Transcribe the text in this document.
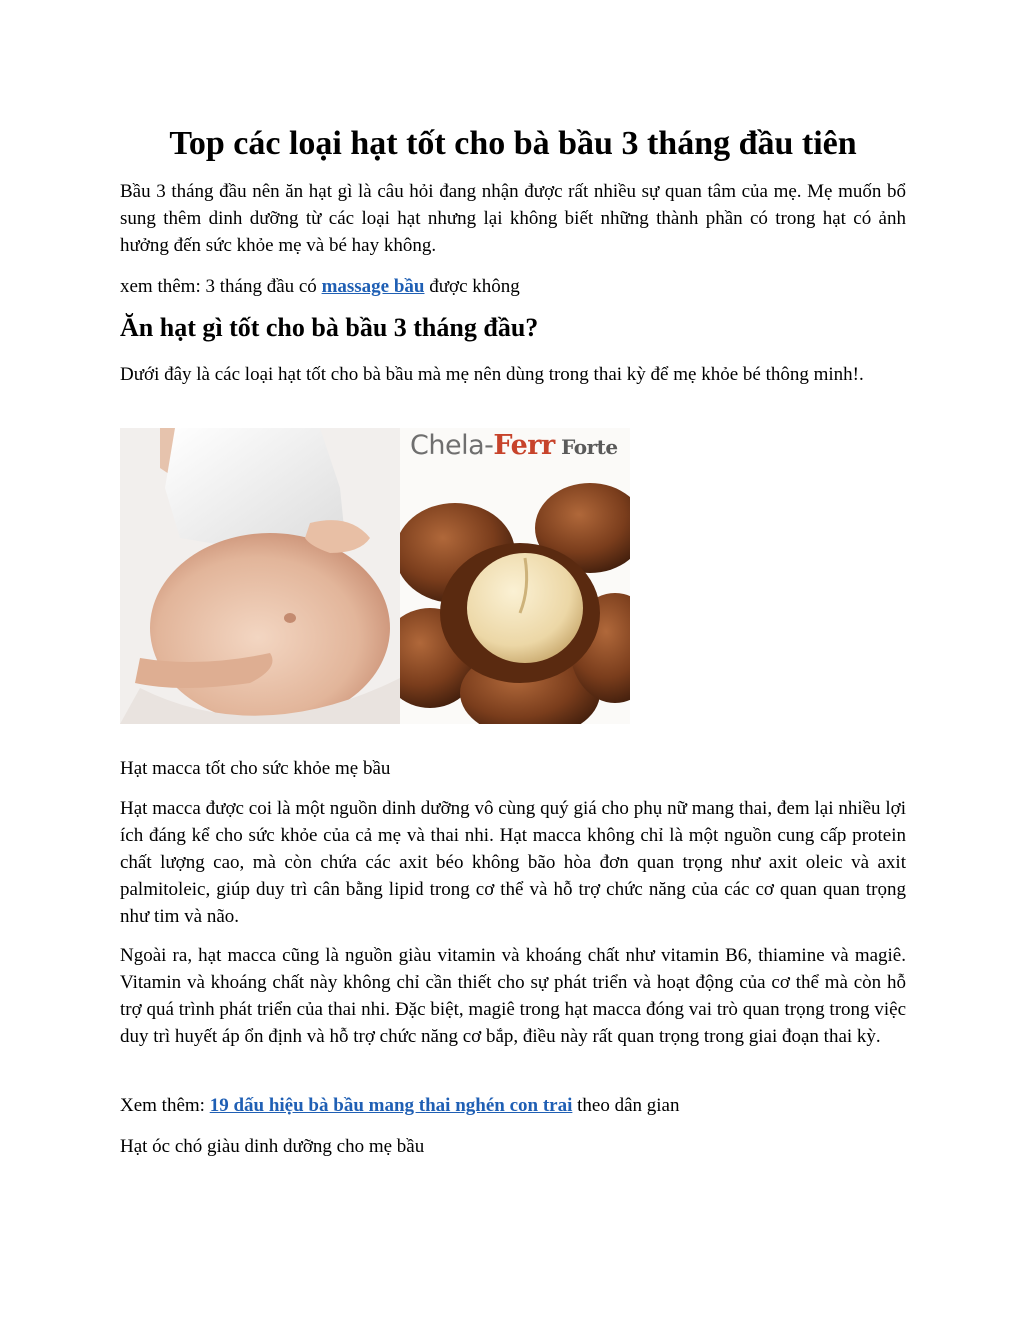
Top các loại hạt tốt cho bà bầu 3 tháng đầu tiên

Bầu 3 tháng đầu nên ăn hạt gì là câu hỏi đang nhận được rất nhiều sự quan tâm của mẹ. Mẹ muốn bổ sung thêm dinh dưỡng từ các loại hạt nhưng lại không biết những thành phần có trong hạt có ảnh hưởng đến sức khỏe mẹ và bé hay không.

xem thêm: 3 tháng đầu có massage bầu được không

Ăn hạt gì tốt cho bà bầu 3 tháng đầu?

Dưới đây là các loại hạt tốt cho bà bầu mà mẹ nên dùng trong thai kỳ để mẹ khỏe bé thông minh!.

Chela-Ferr Forte

Hạt macca tốt cho sức khỏe mẹ bầu

Hạt macca được coi là một nguồn dinh dưỡng vô cùng quý giá cho phụ nữ mang thai, đem lại nhiều lợi ích đáng kể cho sức khỏe của cả mẹ và thai nhi. Hạt macca không chỉ là một nguồn cung cấp protein chất lượng cao, mà còn chứa các axit béo không bão hòa đơn quan trọng như axit oleic và axit palmitoleic, giúp duy trì cân bằng lipid trong cơ thể và hỗ trợ chức năng của các cơ quan quan trọng như tim và não.

Ngoài ra, hạt macca cũng là nguồn giàu vitamin và khoáng chất như vitamin B6, thiamine và magiê. Vitamin và khoáng chất này không chỉ cần thiết cho sự phát triển và hoạt động của cơ thể mà còn hỗ trợ quá trình phát triển của thai nhi. Đặc biệt, magiê trong hạt macca đóng vai trò quan trọng trong việc duy trì huyết áp ổn định và hỗ trợ chức năng cơ bắp, điều này rất quan trọng trong giai đoạn thai kỳ.

Xem thêm: 19 dấu hiệu bà bầu mang thai nghén con trai theo dân gian

Hạt óc chó giàu dinh dưỡng cho mẹ bầu
